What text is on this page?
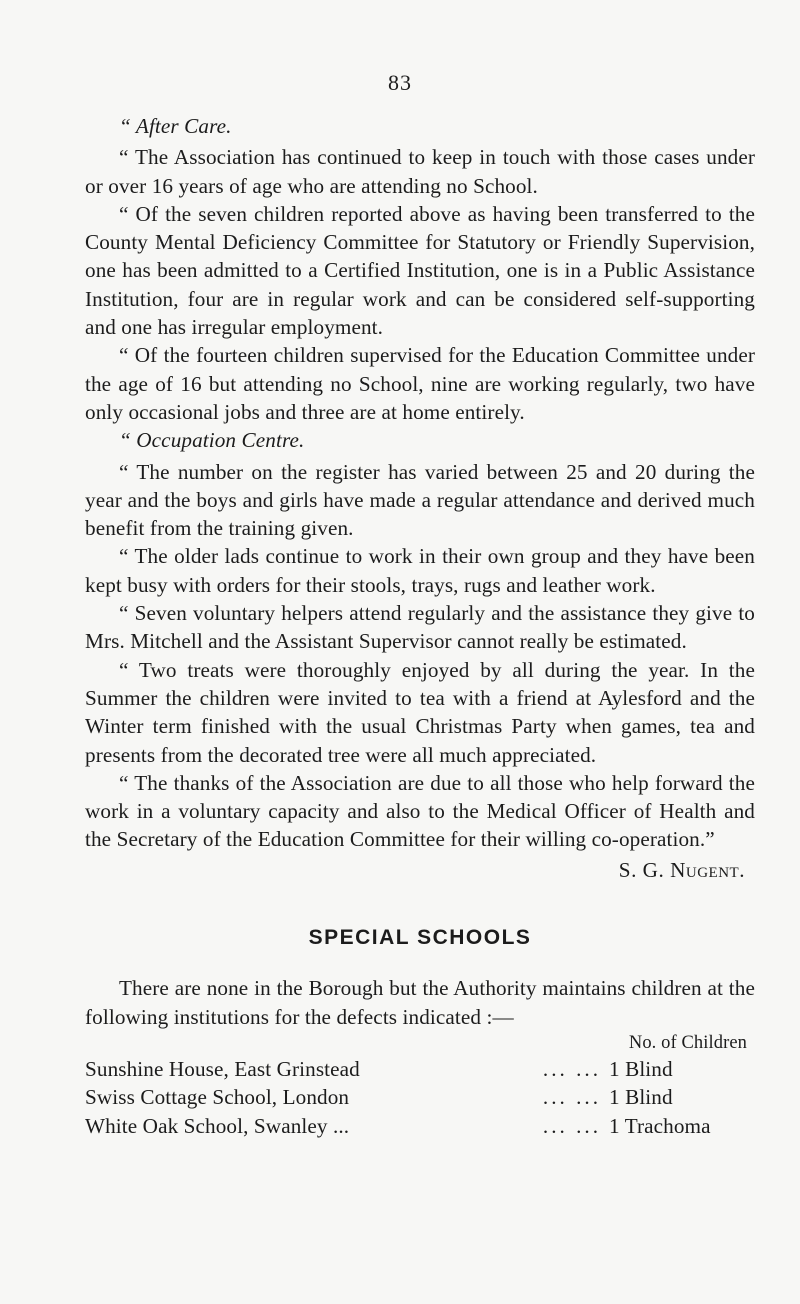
83

“ After Care.

“ The Association has continued to keep in touch with those cases under or over 16 years of age who are attending no School.

“ Of the seven children reported above as having been transferred to the County Mental Deficiency Committee for Statutory or Friendly Supervision, one has been admitted to a Certified Institution, one is in a Public Assistance Institution, four are in regular work and can be considered self-supporting and one has irregular employment.

“ Of the fourteen children supervised for the Education Committee under the age of 16 but attending no School, nine are working regularly, two have only occasional jobs and three are at home entirely.

“ Occupation Centre.

“ The number on the register has varied between 25 and 20 during the year and the boys and girls have made a regular attendance and derived much benefit from the training given.

“ The older lads continue to work in their own group and they have been kept busy with orders for their stools, trays, rugs and leather work.

“ Seven voluntary helpers attend regularly and the assistance they give to Mrs. Mitchell and the Assistant Supervisor cannot really be estimated.

“ Two treats were thoroughly enjoyed by all during the year. In the Summer the children were invited to tea with a friend at Aylesford and the Winter term finished with the usual Christmas Party when games, tea and presents from the decorated tree were all much appreciated.

“ The thanks of the Association are due to all those who help forward the work in a voluntary capacity and also to the Medical Officer of Health and the Secretary of the Education Committee for their willing co-operation.”

S. G. Nugent.
SPECIAL SCHOOLS

There are none in the Borough but the Authority maintains children at the following institutions for the defects indicated :—

No. of Children
Sunshine House, East Grinstead	... ... 1 Blind
Swiss Cottage School, London	... ... 1 Blind
White Oak School, Swanley ...	... ... 1 Trachoma
